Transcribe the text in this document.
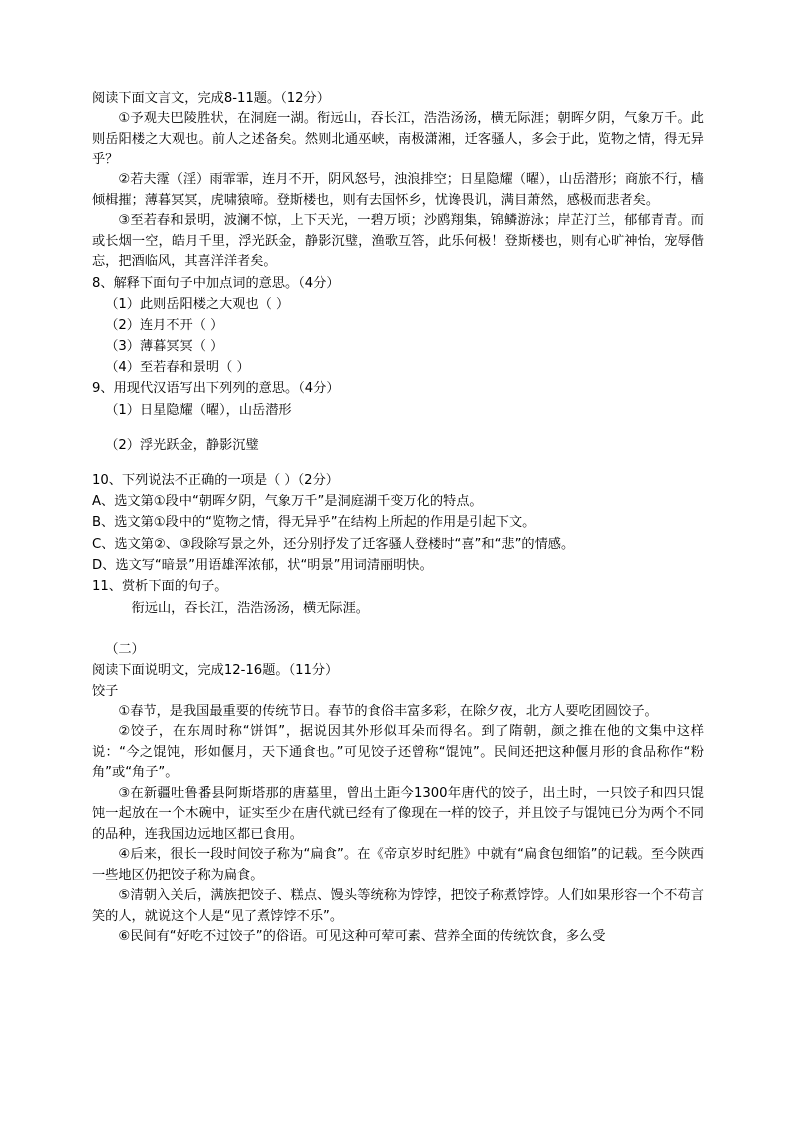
阅读下面文言文，完成8-11题。（12分）

①予观夫巴陵胜状，在洞庭一湖。衔远山，吞长江，浩浩汤汤，横无际涯；朝晖夕阴，气象万千。此则岳阳楼之大观也。前人之述备矣。然则北通巫峡，南极潇湘，迁客骚人，多会于此，览物之情，得无异乎？

②若夫霪（淫）雨霏霏，连月不开，阴风怒号，浊浪排空；日星隐耀（曜），山岳潜形；商旅不行，樯倾楫摧；薄暮冥冥，虎啸猿啼。登斯楼也，则有去国怀乡，忧谗畏讥，满目萧然，感极而悲者矣。

③至若春和景明，波澜不惊，上下天光，一碧万顷；沙鸥翔集，锦鳞游泳；岸芷汀兰，郁郁青青。而或长烟一空，皓月千里，浮光跃金，静影沉璧，渔歌互答，此乐何极！登斯楼也，则有心旷神怡，宠辱偕忘，把酒临风，其喜洋洋者矣。

8、解释下面句子中加点词的意思。（4分）

（1）此则岳阳楼之大观也（ ）

（2）连月不开（ ）

（3）薄暮冥冥（ ）

（4）至若春和景明（ ）

9、用现代汉语写出下列列的意思。（4分）

（1）日星隐耀（曜），山岳潜形

（2）浮光跃金，静影沉璧

10、下列说法不正确的一项是（ ）（2分）

A、选文第①段中“朝晖夕阴，气象万千”是洞庭湖千变万化的特点。

B、选文第①段中的“览物之情，得无异乎”在结构上所起的作用是引起下文。

C、选文第②、③段除写景之外，还分别抒发了迁客骚人登楼时“喜”和“悲”的情感。

D、选文写“暗景”用语雄浑浓郁，状“明景”用词清丽明快。

11、赏析下面的句子。

衔远山，吞长江，浩浩汤汤，横无际涯。

（二）

阅读下面说明文，完成12-16题。（11分）

饺子

①春节，是我国最重要的传统节日。春节的食俗丰富多彩，在除夕夜，北方人要吃团圆饺子。

②饺子，在东周时称“饼饵”，据说因其外形似耳朵而得名。到了隋朝，颜之推在他的文集中这样说：“今之馄饨，形如偃月，天下通食也。”可见饺子还曾称“馄饨”。民间还把这种偃月形的食品称作“粉角”或“角子”。

③在新疆吐鲁番县阿斯塔那的唐墓里，曾出土距今1300年唐代的饺子，出土时，一只饺子和四只馄饨一起放在一个木碗中，证实至少在唐代就已经有了像现在一样的饺子，并且饺子与馄饨已分为两个不同的品种，连我国边远地区都已食用。

④后来，很长一段时间饺子称为“扁食”。在《帝京岁时纪胜》中就有“扁食包细馅”的记载。至今陕西一些地区仍把饺子称为扁食。

⑤清朝入关后，满族把饺子、糕点、馒头等统称为饽饽，把饺子称煮饽饽。人们如果形容一个不苟言笑的人，就说这个人是“见了煮饽饽不乐”。

⑥民间有“好吃不过饺子”的俗语。可见这种可荤可素、营养全面的传统饮食，多么受
